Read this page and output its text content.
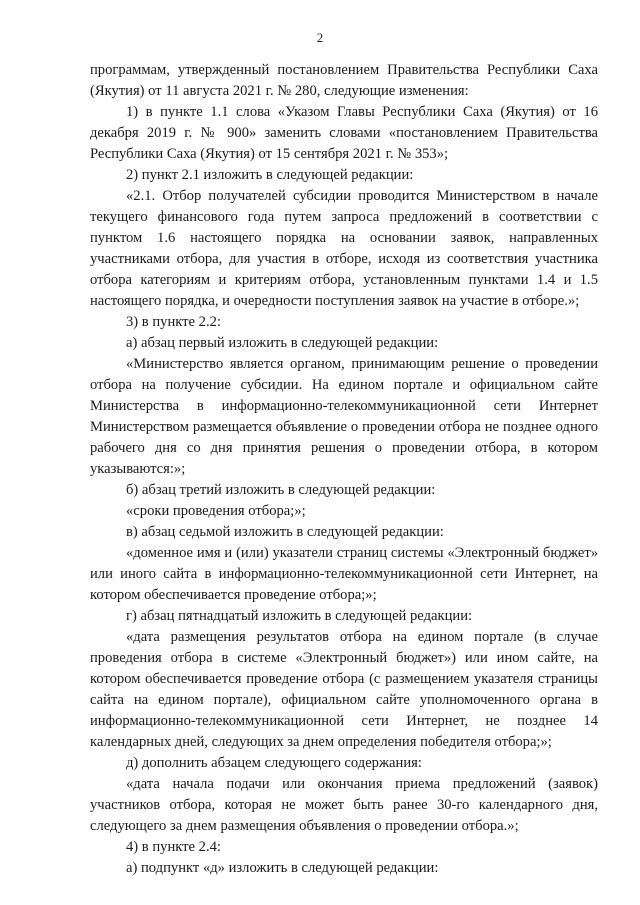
2

программам, утвержденный постановлением Правительства Республики Саха (Якутия) от 11 августа 2021 г. № 280, следующие изменения:

1) в пункте 1.1 слова «Указом Главы Республики Саха (Якутия) от 16 декабря 2019 г. № 900» заменить словами «постановлением Правительства Республики Саха (Якутия) от 15 сентября 2021 г. № 353»;

2) пункт 2.1 изложить в следующей редакции:

«2.1. Отбор получателей субсидии проводится Министерством в начале текущего финансового года путем запроса предложений в соответствии с пунктом 1.6 настоящего порядка на основании заявок, направленных участниками отбора, для участия в отборе, исходя из соответствия участника отбора категориям и критериям отбора, установленным пунктами 1.4 и 1.5 настоящего порядка, и очередности поступления заявок на участие в отборе.»;

3) в пункте 2.2:

а) абзац первый изложить в следующей редакции:

«Министерство является органом, принимающим решение о проведении отбора на получение субсидии. На едином портале и официальном сайте Министерства в информационно-телекоммуникационной сети Интернет Министерством размещается объявление о проведении отбора не позднее одного рабочего дня со дня принятия решения о проведении отбора, в котором указываются:»;

б) абзац третий изложить в следующей редакции:

«сроки проведения отбора;»;

в) абзац седьмой изложить в следующей редакции:

«доменное имя и (или) указатели страниц системы «Электронный бюджет» или иного сайта в информационно-телекоммуникационной сети Интернет, на котором обеспечивается проведение отбора;»;

г) абзац пятнадцатый изложить в следующей редакции:

«дата размещения результатов отбора на едином портале (в случае проведения отбора в системе «Электронный бюджет») или ином сайте, на котором обеспечивается проведение отбора (с размещением указателя страницы сайта на едином портале), официальном сайте уполномоченного органа в информационно-телекоммуникационной сети Интернет, не позднее 14 календарных дней, следующих за днем определения победителя отбора;»;

д) дополнить абзацем следующего содержания:

«дата начала подачи или окончания приема предложений (заявок) участников отбора, которая не может быть ранее 30-го календарного дня, следующего за днем размещения объявления о проведении отбора.»;

4) в пункте 2.4:

а) подпункт «д» изложить в следующей редакции:
